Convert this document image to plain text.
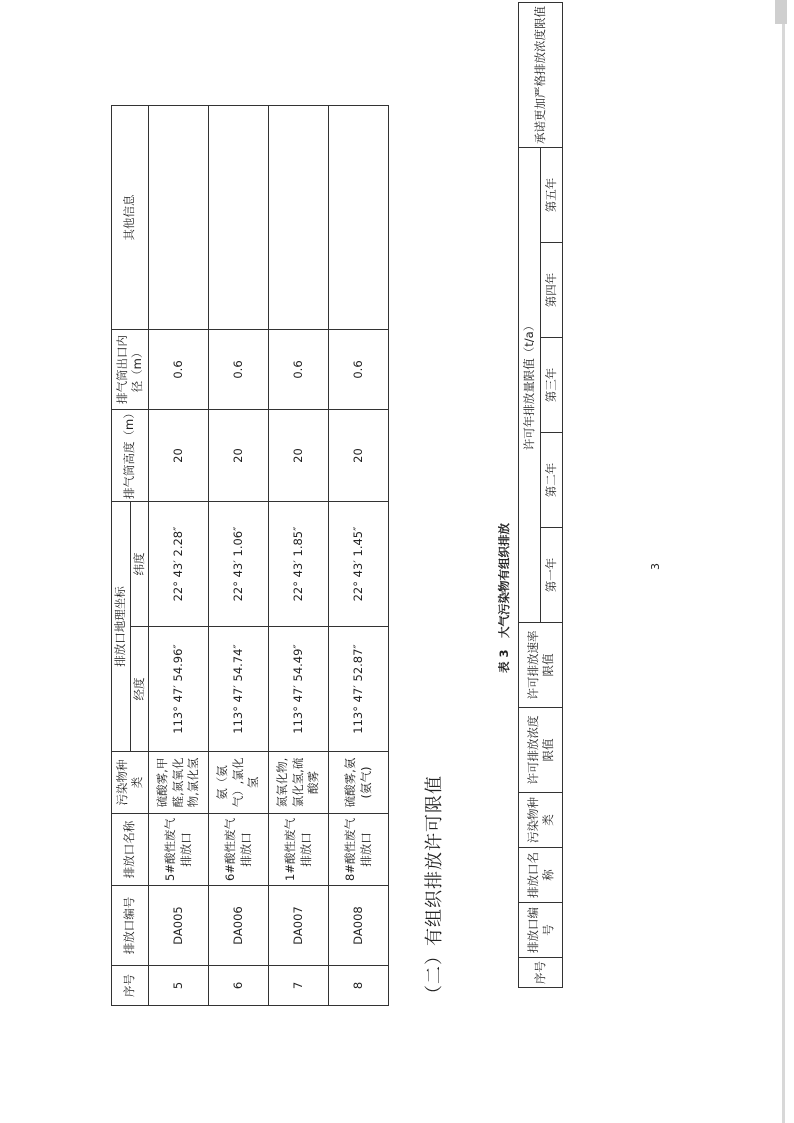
序号	排放口编号	排放口名称	污染物种类	排放口地理坐标		排气筒高度（m）	排气筒出口内径（m）	其他信息
				经度	纬度			
5	DA005	5#酸性废气排放口	硫酸雾,甲醛,氮氧化物,氯化氢	113° 47′ 54.96″	22° 43′ 2.28″	20	0.6	
6	DA006	6#酸性废气排放口	氨（氨气）,氯化氢	113° 47′ 54.74″	22° 43′ 1.06″	20	0.6	
7	DA007	1#酸性废气排放口	氮氧化物,氯化氢,硫酸雾	113° 47′ 54.49″	22° 43′ 1.85″	20	0.6	
8	DA008	8#酸性废气排放口	硫酸雾,氨(氨气)	113° 47′ 52.87″	22° 43′ 1.45″	20	0.6	
（二）有组织排放许可限值
表 3　大气污染物有组织排放
序号	排放口编号	排放口名称	污染物种类	许可排放浓度限值	许可排放速率限值	许可年排放量限值（t/a）					承诺更加严格排放浓度限值
						第一年	第二年	第三年	第四年	第五年	
3
